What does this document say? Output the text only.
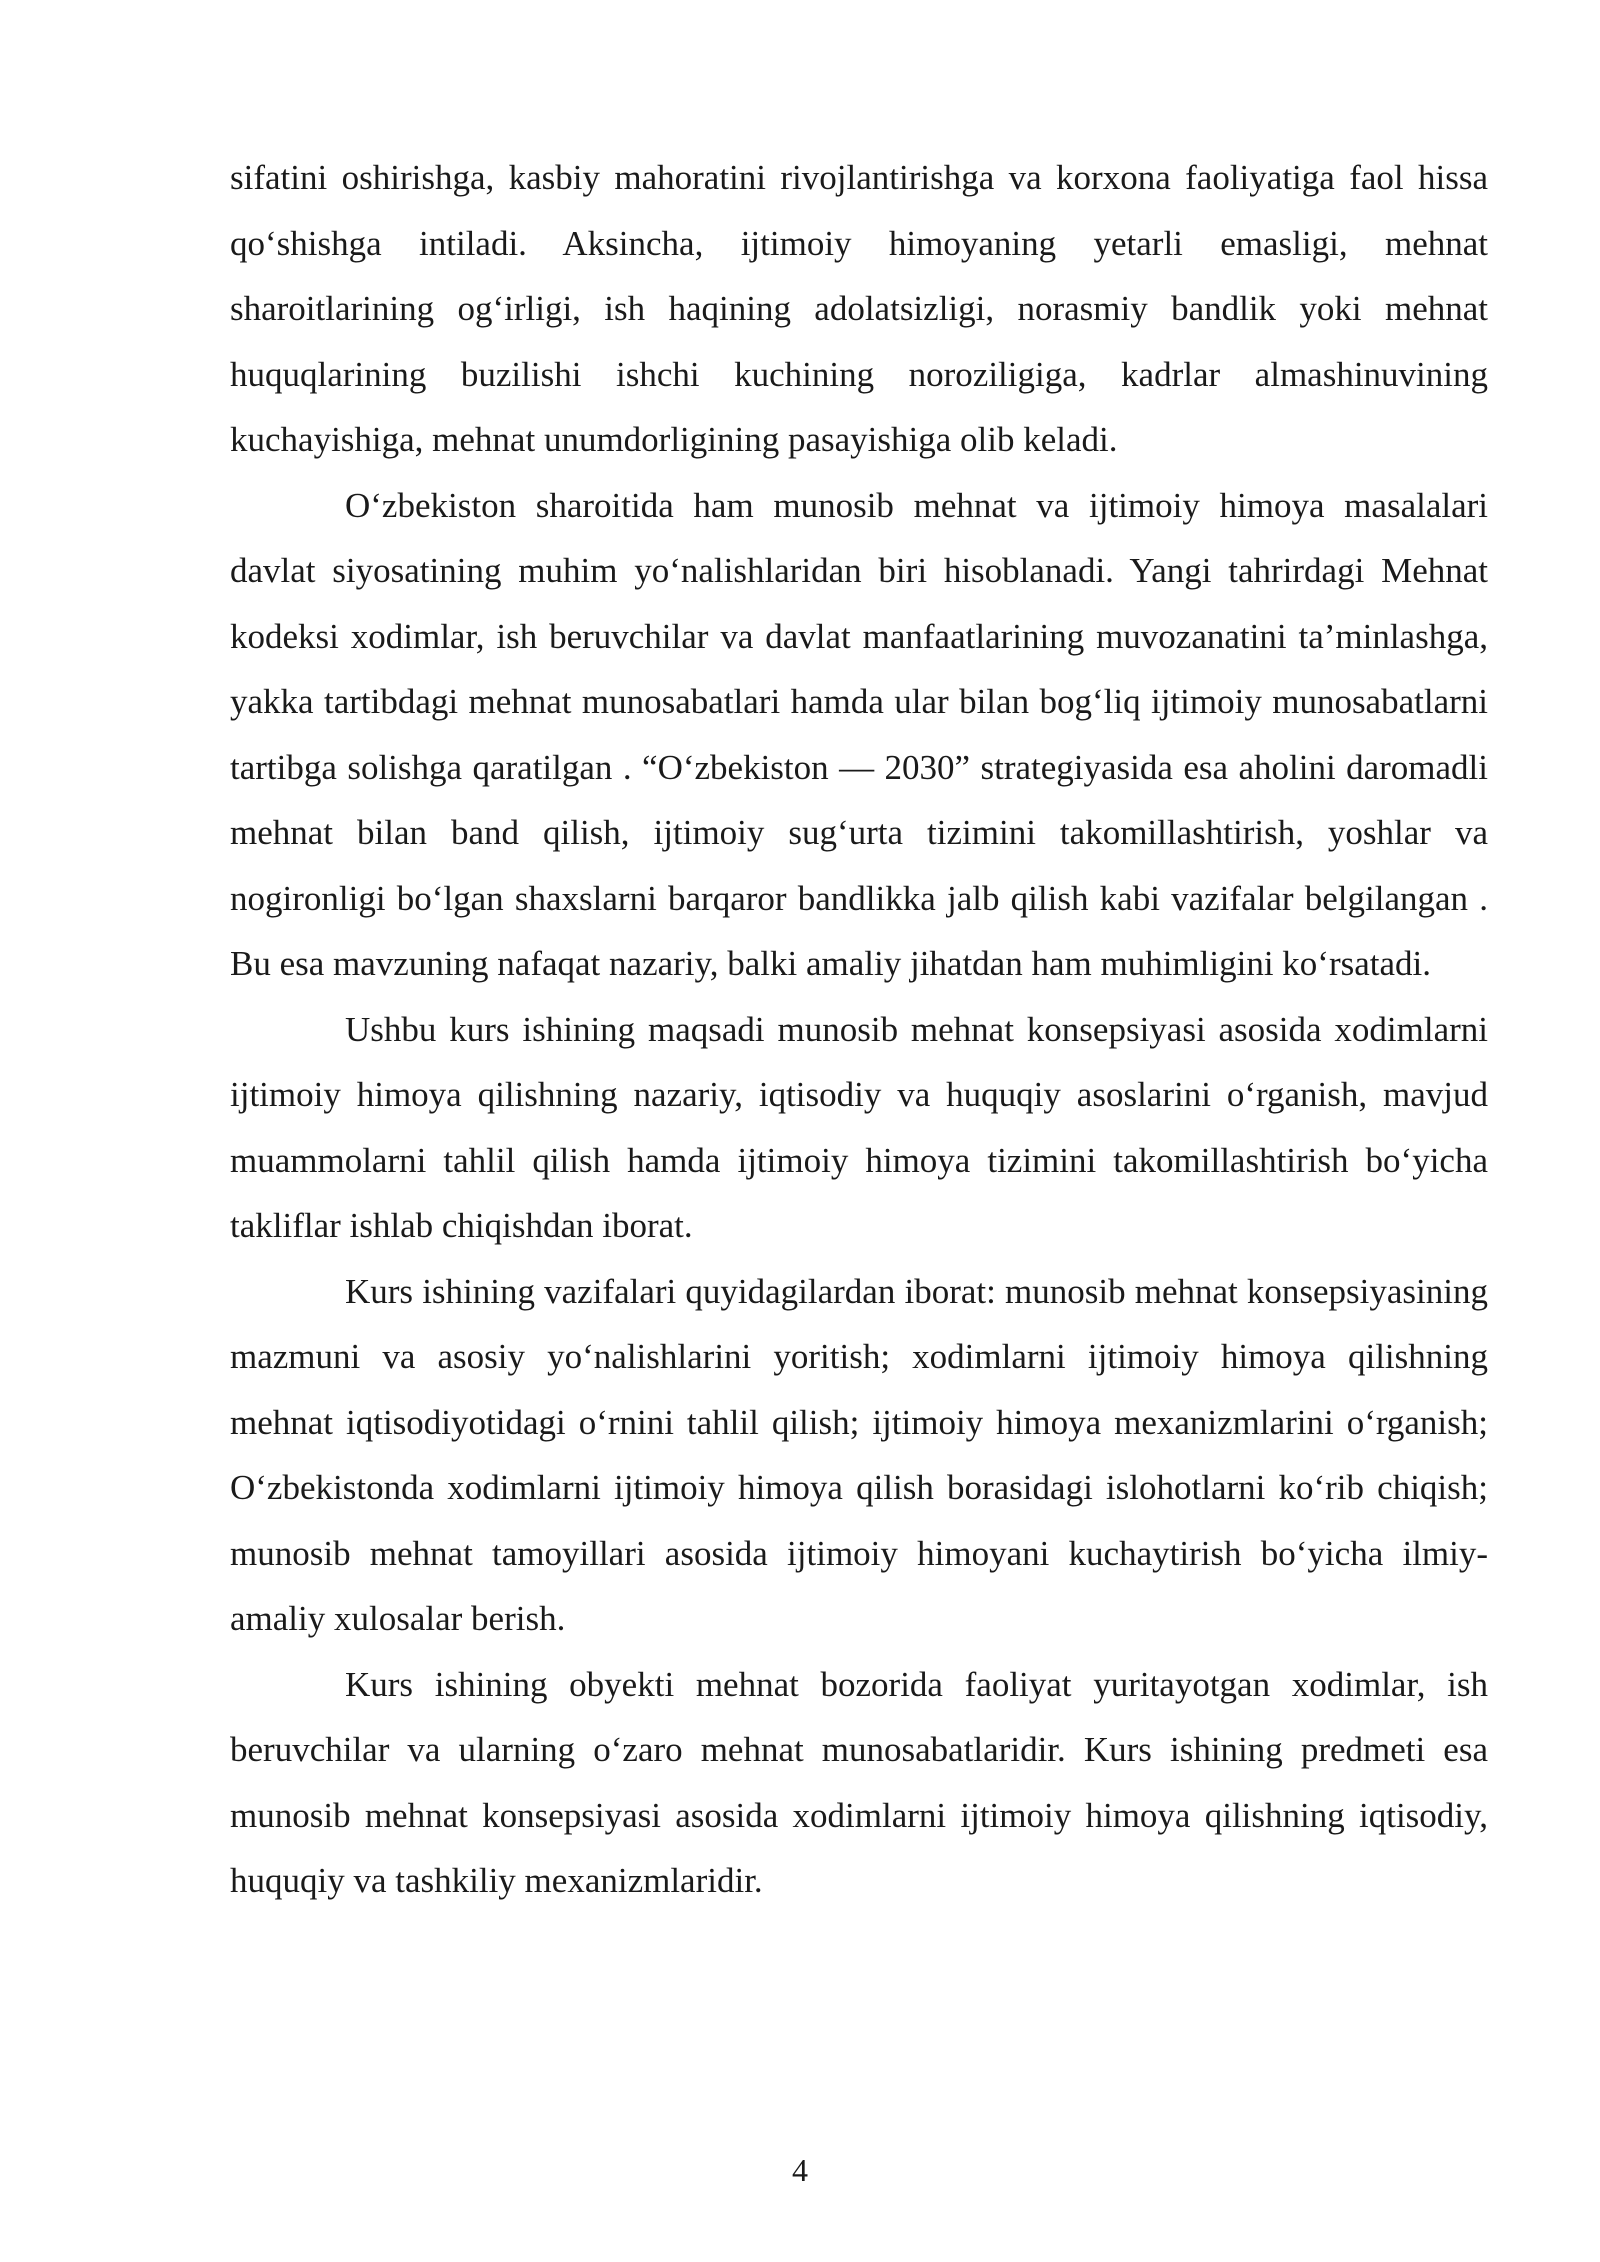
sifatini oshirishga, kasbiy mahoratini rivojlantirishga va korxona faoliyatiga faol hissa qo‘shishga intiladi. Aksincha, ijtimoiy himoyaning yetarli emasligi, mehnat sharoitlarining og‘irligi, ish haqining adolatsizligi, norasmiy bandlik yoki mehnat huquqlarining buzilishi ishchi kuchining noroziligiga, kadrlar almashinuvining kuchayishiga, mehnat unumdorligining pasayishiga olib keladi.

O‘zbekiston sharoitida ham munosib mehnat va ijtimoiy himoya masalalari davlat siyosatining muhim yo‘nalishlaridan biri hisoblanadi. Yangi tahrirdagi Mehnat kodeksi xodimlar, ish beruvchilar va davlat manfaatlarining muvozanatini ta’minlashga, yakka tartibdagi mehnat munosabatlari hamda ular bilan bog‘liq ijtimoiy munosabatlarni tartibga solishga qaratilgan . “O‘zbekiston — 2030” strategiyasida esa aholini daromadli mehnat bilan band qilish, ijtimoiy sug‘urta tizimini takomillashtirish, yoshlar va nogironligi bo‘lgan shaxslarni barqaror bandlikka jalb qilish kabi vazifalar belgilangan . Bu esa mavzuning nafaqat nazariy, balki amaliy jihatdan ham muhimligini ko‘rsatadi.

Ushbu kurs ishining maqsadi munosib mehnat konsepsiyasi asosida xodimlarni ijtimoiy himoya qilishning nazariy, iqtisodiy va huquqiy asoslarini o‘rganish, mavjud muammolarni tahlil qilish hamda ijtimoiy himoya tizimini takomillashtirish bo‘yicha takliflar ishlab chiqishdan iborat.

Kurs ishining vazifalari quyidagilardan iborat: munosib mehnat konsepsiyasining mazmuni va asosiy yo‘nalishlarini yoritish; xodimlarni ijtimoiy himoya qilishning mehnat iqtisodiyotidagi o‘rnini tahlil qilish; ijtimoiy himoya mexanizmlarini o‘rganish; O‘zbekistonda xodimlarni ijtimoiy himoya qilish borasidagi islohotlarni ko‘rib chiqish; munosib mehnat tamoyillari asosida ijtimoiy himoyani kuchaytirish bo‘yicha ilmiy-amaliy xulosalar berish.

Kurs ishining obyekti mehnat bozorida faoliyat yuritayotgan xodimlar, ish beruvchilar va ularning o‘zaro mehnat munosabatlaridir. Kurs ishining predmeti esa munosib mehnat konsepsiyasi asosida xodimlarni ijtimoiy himoya qilishning iqtisodiy, huquqiy va tashkiliy mexanizmlaridir.

4
